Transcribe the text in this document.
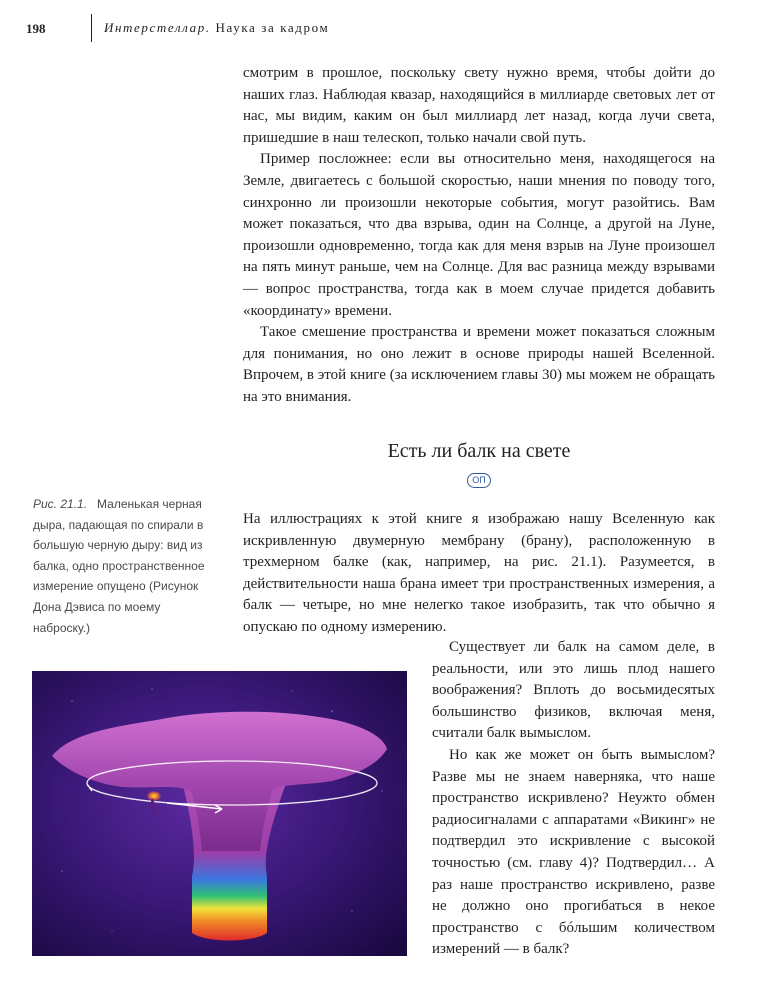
198	Интерстеллар. Наука за кадром

смотрим в прошлое, поскольку свету нужно время, чтобы дойти до наших глаз. Наблюдая квазар, находящийся в миллиарде световых лет от нас, мы видим, каким он был миллиард лет назад, когда лучи света, пришедшие в наш телескоп, только начали свой путь.

Пример посложнее: если вы относительно меня, находящегося на Земле, двигаетесь с большой скоростью, наши мнения по поводу того, синхронно ли произошли некоторые события, могут разойтись. Вам может показаться, что два взрыва, один на Солнце, а другой на Луне, произошли одновременно, тогда как для меня взрыв на Луне произошел на пять минут раньше, чем на Солнце. Для вас разница между взрывами — вопрос пространства, тогда как в моем случае придется добавить «координату» времени.

Такое смешение пространства и времени может показаться сложным для понимания, но оно лежит в основе природы нашей Вселенной. Впрочем, в этой книге (за исключением главы 30) мы можем не обращать на это внимания.

Есть ли балк на свете
ОП
Рис. 21.1. Маленькая черная дыра, падающая по спирали в большую черную дыру: вид из балка, одно пространственное измерение опущено (Рисунок Дона Дэвиса по моему наброску.)

На иллюстрациях к этой книге я изображаю нашу Вселенную как искривленную двумерную мембрану (брану), расположенную в трехмерном балке (как, например, на рис. 21.1). Разумеется, в действительности наша брана имеет три пространственных измерения, а балк — четыре, но мне нелегко такое изобразить, так что обычно я опускаю по одному измерению.

Существует ли балк на самом деле, в реальности, или это лишь плод нашего воображения? Вплоть до восьмидесятых большинство физиков, включая меня, считали балк вымыслом.

Но как же может он быть вымыслом? Разве мы не знаем наверняка, что наше пространство искривлено? Неужто обмен радиосигналами с аппаратами «Викинг» не подтвердил это искривление с высокой точностью (см. главу 4)? Подтвердил… А раз наше пространство искривлено, разве не должно оно прогибаться в некое пространство с бóльшим количеством измерений — в балк?
